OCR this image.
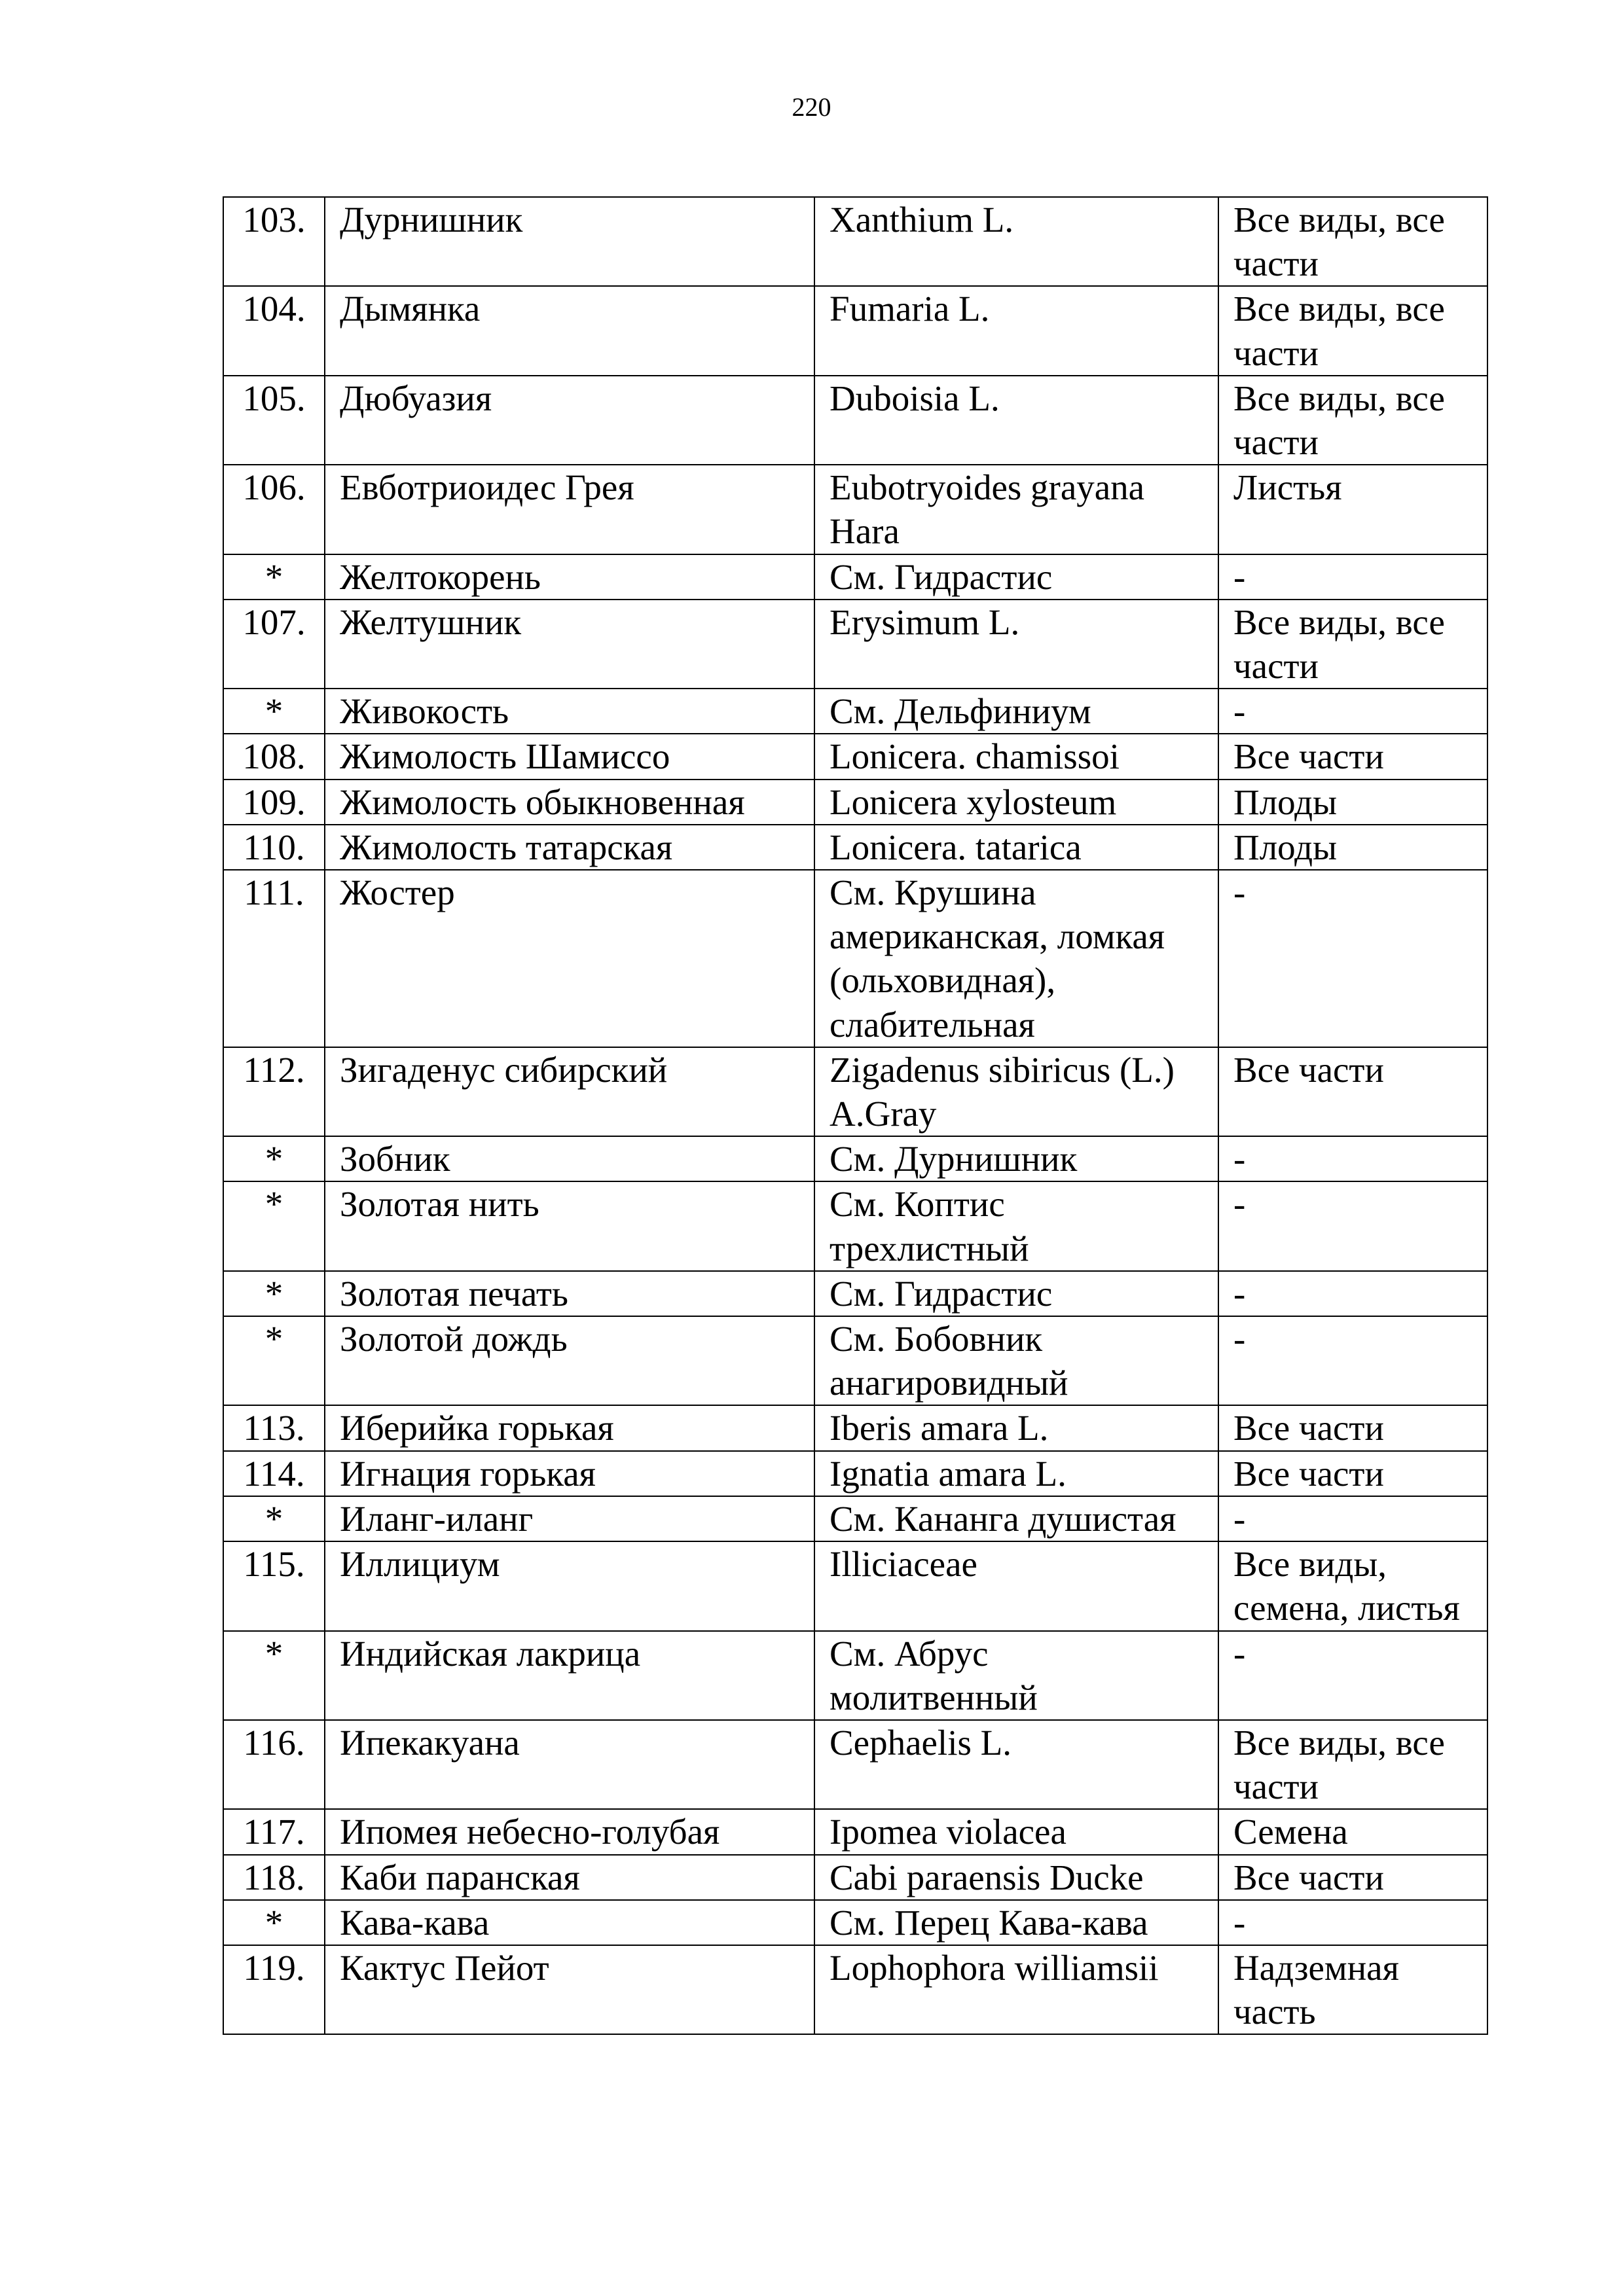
220
103.	Дурнишник	Xanthium L.	Все виды, все части
104.	Дымянка	Fumaria L.	Все виды, все части
105.	Дюбуазия	Duboisia L.	Все виды, все части
106.	Евботриоидес Грея	Eubotryoides grayana Hara	Листья
*	Желтокорень	См. Гидрастис	-
107.	Желтушник	Erysimum L.	Все виды, все части
*	Живокость	См. Дельфиниум	-
108.	Жимолость Шамиссо	Lonicera. chamissoi	Все части
109.	Жимолость обыкновенная	Lonicera xylosteum	Плоды
110.	Жимолость татарская	Lonicera. tatarica	Плоды
111.	Жостер	См. Крушина американская, ломкая (ольховидная), слабительная	-
112.	Зигаденус сибирский	Zigadenus sibiricus (L.) A.Gray	Все части
*	Зобник	См. Дурнишник	-
*	Золотая нить	См. Коптис трехлистный	-
*	Золотая печать	См. Гидрастис	-
*	Золотой дождь	См. Бобовник анагировидный	-
113.	Иберийка горькая	Iberis amara L.	Все части
114.	Игнация горькая	Ignatia amara L.	Все части
*	Иланг-иланг	См. Кананга душистая	-
115.	Иллициум	Illiciaceae	Все виды, семена, листья
*	Индийская лакрица	См. Абрус молитвенный	-
116.	Ипекакуана	Cephaelis L.	Все виды, все части
117.	Ипомея небесно-голубая	Ipomea violacea	Семена
118.	Каби паранская	Cabi paraensis Ducke	Все части
*	Кава-кава	См. Перец Кава-кава	-
119.	Кактус Пейот	Lophophora williamsii	Надземная часть
